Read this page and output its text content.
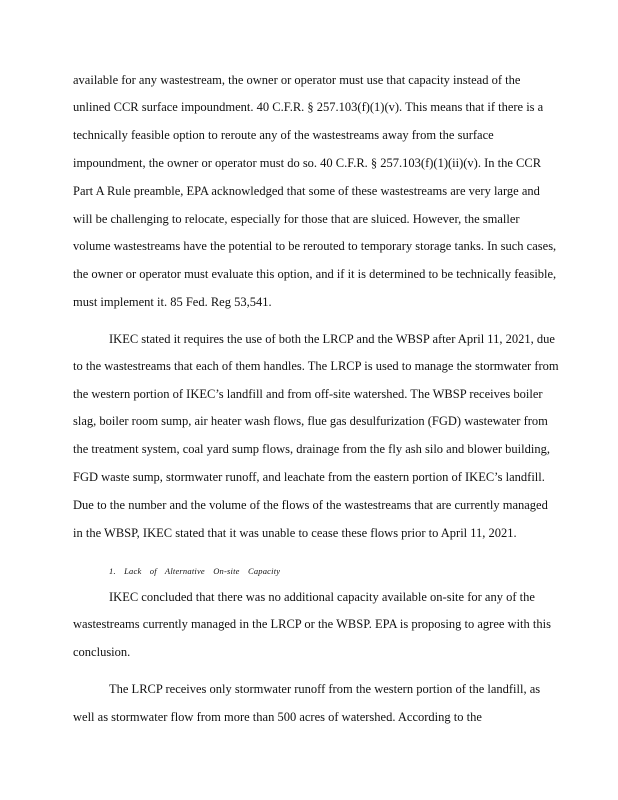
available for any wastestream, the owner or operator must use that capacity instead of the
unlined CCR surface impoundment. 40 C.F.R. § 257.103(f)(1)(v). This means that if there is a
technically feasible option to reroute any of the wastestreams away from the surface
impoundment, the owner or operator must do so. 40 C.F.R. § 257.103(f)(1)(ii)(v). In the CCR
Part A Rule preamble, EPA acknowledged that some of these wastestreams are very large and
will be challenging to relocate, especially for those that are sluiced. However, the smaller
volume wastestreams have the potential to be rerouted to temporary storage tanks. In such cases,
the owner or operator must evaluate this option, and if it is determined to be technically feasible,
must implement it. 85 Fed. Reg 53,541.
IKEC stated it requires the use of both the LRCP and the WBSP after April 11, 2021, due
to the wastestreams that each of them handles. The LRCP is used to manage the stormwater from
the western portion of IKEC’s landfill and from off-site watershed. The WBSP receives boiler
slag, boiler room sump, air heater wash flows, flue gas desulfurization (FGD) wastewater from
the treatment system, coal yard sump flows, drainage from the fly ash silo and blower building,
FGD waste sump, stormwater runoff, and leachate from the eastern portion of IKEC’s landfill.
Due to the number and the volume of the flows of the wastestreams that are currently managed
in the WBSP, IKEC stated that it was unable to cease these flows prior to April 11, 2021.
1. Lack of Alternative On-site Capacity
IKEC concluded that there was no additional capacity available on-site for any of the
wastestreams currently managed in the LRCP or the WBSP. EPA is proposing to agree with this
conclusion.
The LRCP receives only stormwater runoff from the western portion of the landfill, as
well as stormwater flow from more than 500 acres of watershed. According to the
